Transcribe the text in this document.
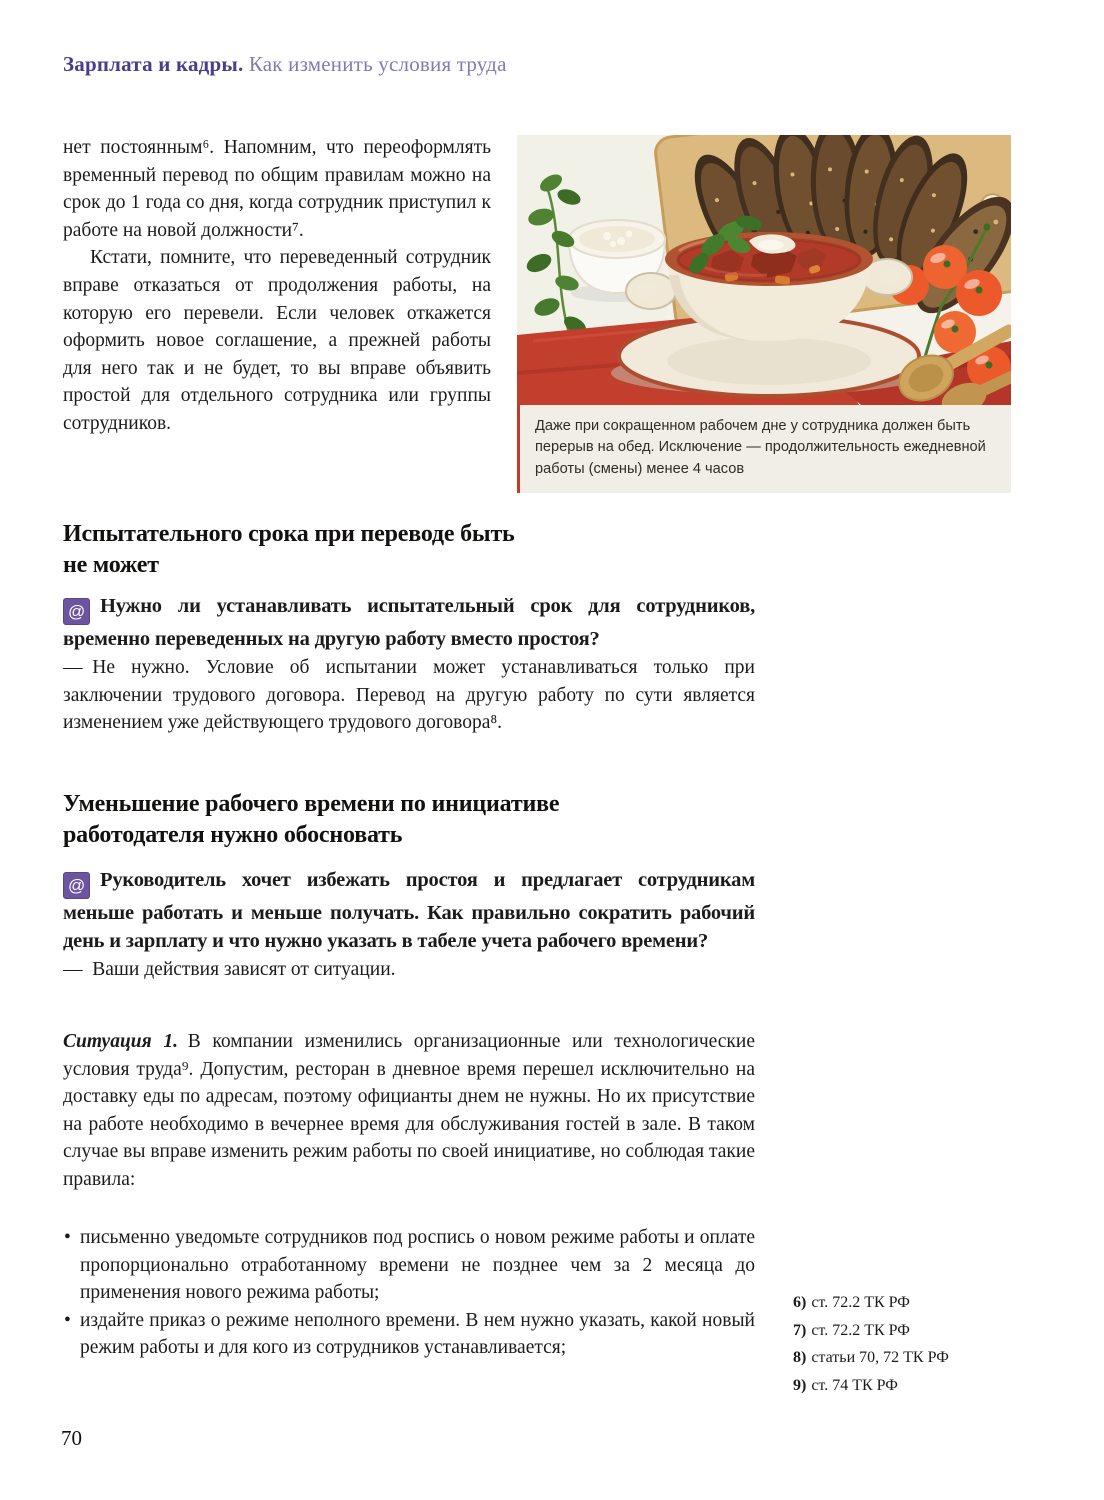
Зарплата и кадры. Как изменить условия труда

нет постоянным⁶. Напомним, что переоформлять временный перевод по общим правилам можно на срок до 1 года со дня, когда сотрудник приступил к работе на новой должности⁷.

Кстати, помните, что переведенный сотрудник вправе отказаться от продолжения работы, на которую его перевели. Если человек откажется оформить новое соглашение, а прежней работы для него так и не будет, то вы вправе объявить простой для отдельного сотрудника или группы сотрудников.	Даже при сокращенном рабочем дне у сотрудника должен быть перерыв на обед. Исключение — продолжительность ежедневной работы (смены) менее 4 часов
Испытательного срока при переводе быть
не может

@ Нужно ли устанавливать испытательный срок для сотрудников, временно переведенных на другую работу вместо простоя?

— Не нужно. Условие об испытании может устанавливаться только при заключении трудового договора. Перевод на другую работу по сути является изменением уже действующего трудового договора⁸.

Уменьшение рабочего времени по инициативе
работодателя нужно обосновать

@ Руководитель хочет избежать простоя и предлагает сотрудникам меньше работать и меньше получать. Как правильно сократить рабочий день и зарплату и что нужно указать в табеле учета рабочего времени?

— Ваши действия зависят от ситуации.

Ситуация 1. В компании изменились организационные или технологические условия труда⁹. Допустим, ресторан в дневное время перешел исключительно на доставку еды по адресам, поэтому официанты днем не нужны. Но их присутствие на работе необходимо в вечернее время для обслуживания гостей в зале. В таком случае вы вправе изменить режим работы по своей инициативе, но соблюдая такие правила:

• письменно уведомьте сотрудников под роспись о новом режиме работы и оплате пропорционально отработанному времени не позднее чем за 2 месяца до применения нового режима работы;
• издайте приказ о режиме неполного времени. В нем нужно указать, какой новый режим работы и для кого из сотрудников устанавливается;
6) ст. 72.2 ТК РФ
7) ст. 72.2 ТК РФ
8) статьи 70, 72 ТК РФ
9) ст. 74 ТК РФ
70
